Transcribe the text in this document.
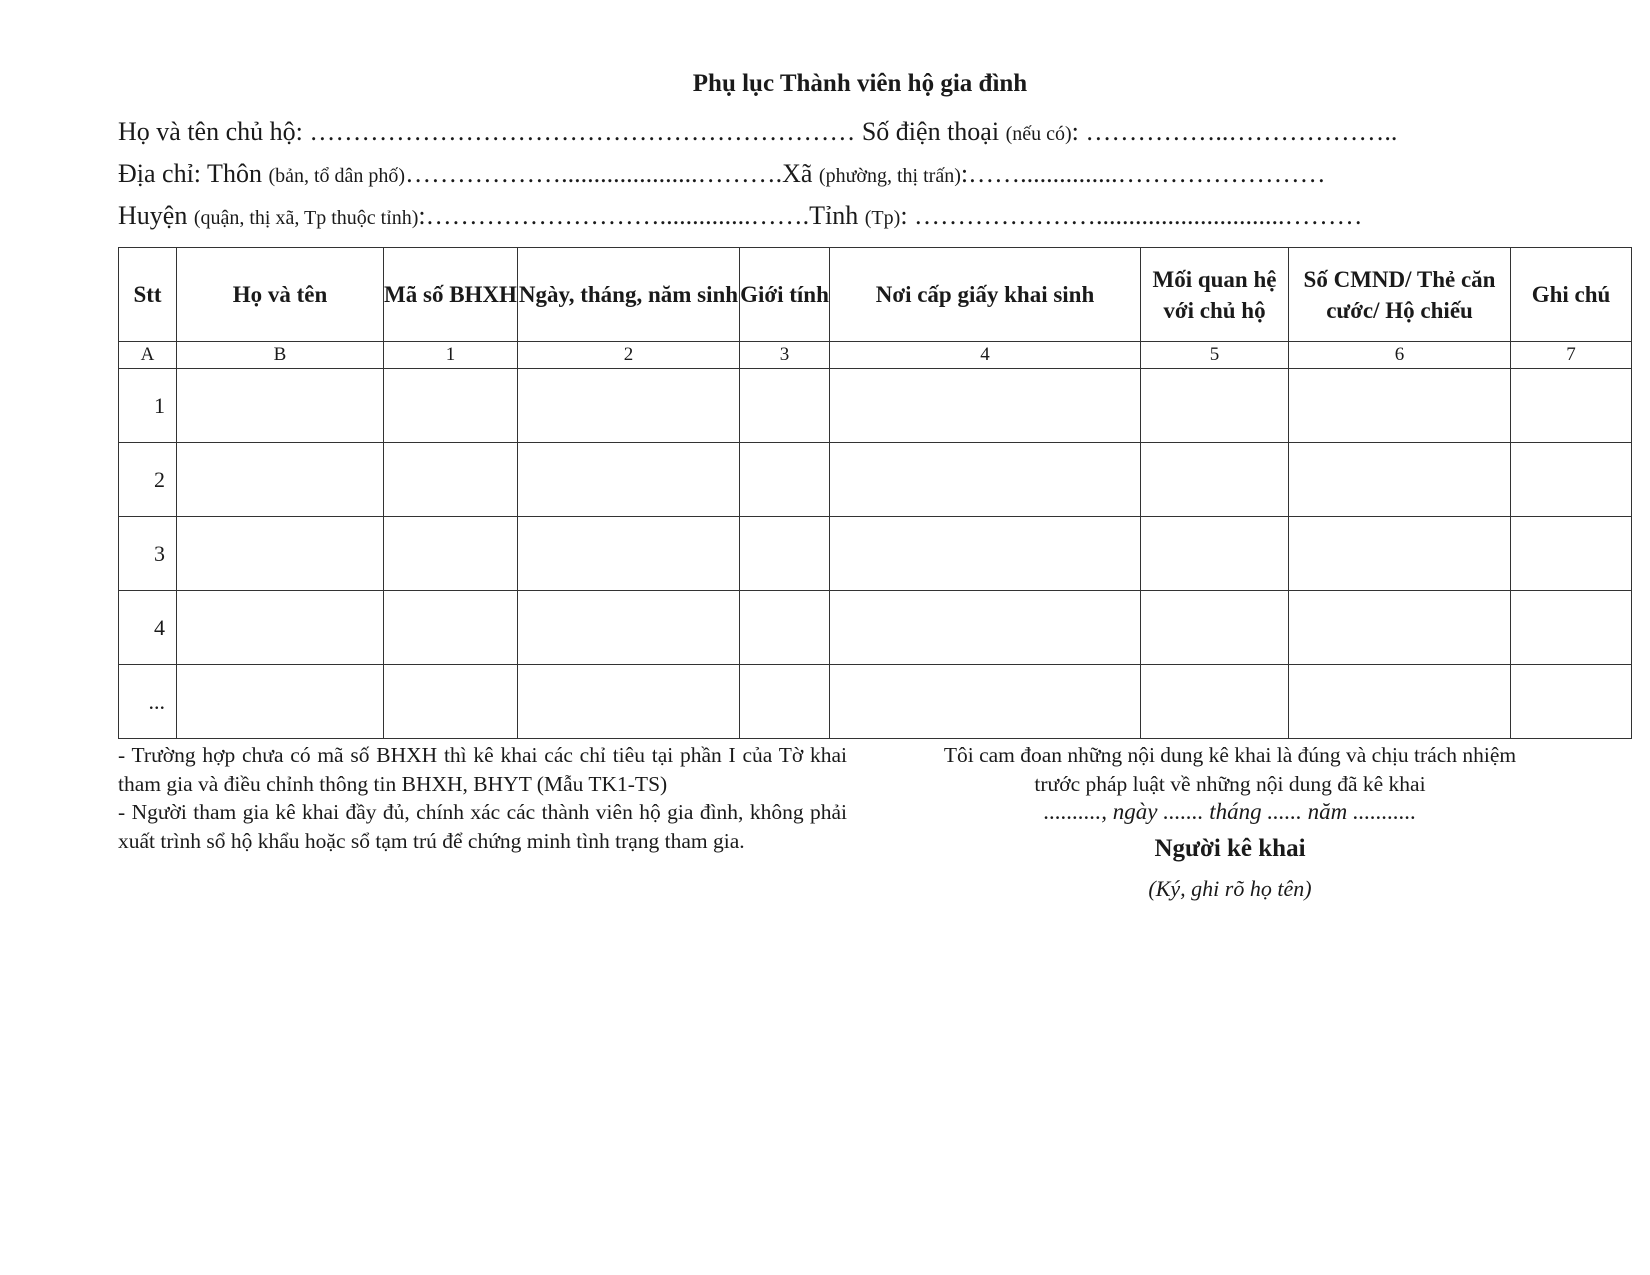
Phụ lục Thành viên hộ gia đình
Họ và tên chủ hộ: ……………………………………………………… Số điện thoại (nếu có): ……………..………………..
Địa chỉ: Thôn (bản, tổ dân phố)……………….....................……….Xã (phường, thị trấn):……...............……………………
Huyện (quận, thị xã, Tp thuộc tỉnh):………………………..............…….Tỉnh (Tp): ………………….............................………
Stt	Họ và tên	Mã số BHXH	Ngày, tháng, năm sinh	Giới tính	Nơi cấp giấy khai sinh	Mối quan hệ với chủ hộ	Số CMND/ Thẻ căn cước/ Hộ chiếu	Ghi chú
A	B	1	2	3	4	5	6	7
1								
2								
3								
4								
...								

- Trường hợp chưa có mã số BHXH thì kê khai các chỉ tiêu tại phần I của Tờ khai tham gia và điều chỉnh thông tin BHXH, BHYT (Mẫu TK1-TS)

- Người tham gia kê khai đầy đủ, chính xác các thành viên hộ gia đình, không phải xuất trình sổ hộ khẩu hoặc sổ tạm trú để chứng minh tình trạng tham gia.

Tôi cam đoan những nội dung kê khai là đúng và chịu trách nhiệm
trước pháp luật về những nội dung đã kê khai
.........., ngày ....... tháng ...... năm ...........
Người kê khai
(Ký, ghi rõ họ tên)
